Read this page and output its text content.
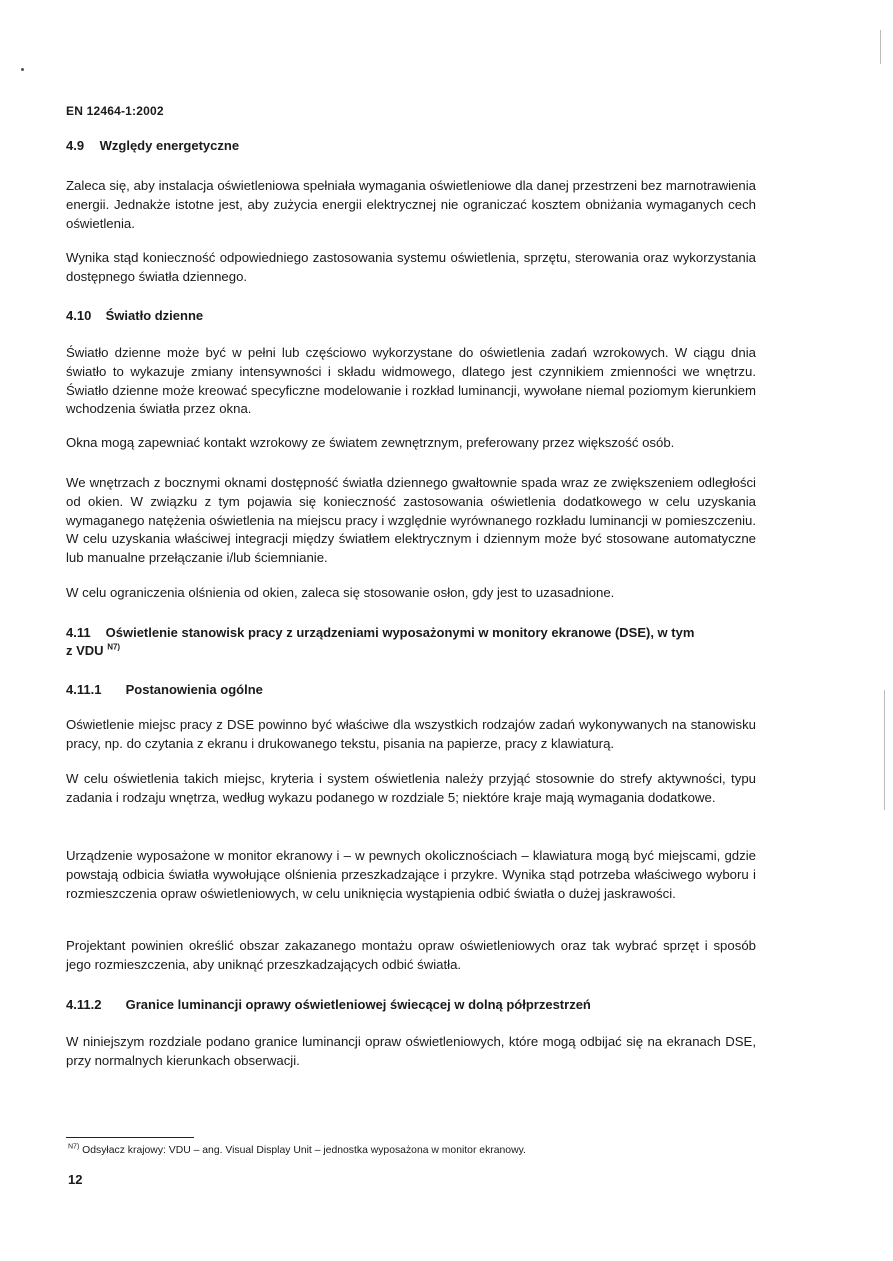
EN 12464-1:2002
4.9 Względy energetyczne
Zaleca się, aby instalacja oświetleniowa spełniała wymagania oświetleniowe dla danej przestrzeni bez marnotrawienia energii. Jednakże istotne jest, aby zużycia energii elektrycznej nie ograniczać kosztem obniżania wymaganych cech oświetlenia.
Wynika stąd konieczność odpowiedniego zastosowania systemu oświetlenia, sprzętu, sterowania oraz wykorzystania dostępnego światła dziennego.
4.10 Światło dzienne
Światło dzienne może być w pełni lub częściowo wykorzystane do oświetlenia zadań wzrokowych. W ciągu dnia światło to wykazuje zmiany intensywności i składu widmowego, dlatego jest czynnikiem zmienności we wnętrzu. Światło dzienne może kreować specyficzne modelowanie i rozkład luminancji, wywołane niemal poziomym kierunkiem wchodzenia światła przez okna.
Okna mogą zapewniać kontakt wzrokowy ze światem zewnętrznym, preferowany przez większość osób.
We wnętrzach z bocznymi oknami dostępność światła dziennego gwałtownie spada wraz ze zwiększeniem odległości od okien. W związku z tym pojawia się konieczność zastosowania oświetlenia dodatkowego w celu uzyskania wymaganego natężenia oświetlenia na miejscu pracy i względnie wyrównanego rozkładu luminancji w pomieszczeniu. W celu uzyskania właściwej integracji między światłem elektrycznym i dziennym może być stosowane automatyczne lub manualne przełączanie i/lub ściemnianie.
W celu ograniczenia olśnienia od okien, zaleca się stosowanie osłon, gdy jest to uzasadnione.
4.11 Oświetlenie stanowisk pracy z urządzeniami wyposażonymi w monitory ekranowe (DSE), w tym
z VDU $^{N7)}$
4.11.1 Postanowienia ogólne
Oświetlenie miejsc pracy z DSE powinno być właściwe dla wszystkich rodzajów zadań wykonywanych na stanowisku pracy, np. do czytania z ekranu i drukowanego tekstu, pisania na papierze, pracy z klawiaturą.
W celu oświetlenia takich miejsc, kryteria i system oświetlenia należy przyjąć stosownie do strefy aktywności, typu zadania i rodzaju wnętrza, według wykazu podanego w rozdziale 5; niektóre kraje mają wymagania dodatkowe.
Urządzenie wyposażone w monitor ekranowy i – w pewnych okolicznościach – klawiatura mogą być miejscami, gdzie powstają odbicia światła wywołujące olśnienia przeszkadzające i przykre. Wynika stąd potrzeba właściwego wyboru i rozmieszczenia opraw oświetleniowych, w celu uniknięcia wystąpienia odbić światła o dużej jaskrawości.
Projektant powinien określić obszar zakazanego montażu opraw oświetleniowych oraz tak wybrać sprzęt i sposób jego rozmieszczenia, aby uniknąć przeszkadzających odbić światła.
4.11.2 Granice luminancji oprawy oświetleniowej świecącej w dolną półprzestrzeń
W niniejszym rozdziale podano granice luminancji opraw oświetleniowych, które mogą odbijać się na ekranach DSE, przy normalnych kierunkach obserwacji.
$^{N7)}$ Odsyłacz krajowy: VDU – ang. Visual Display Unit – jednostka wyposażona w monitor ekranowy.
12
